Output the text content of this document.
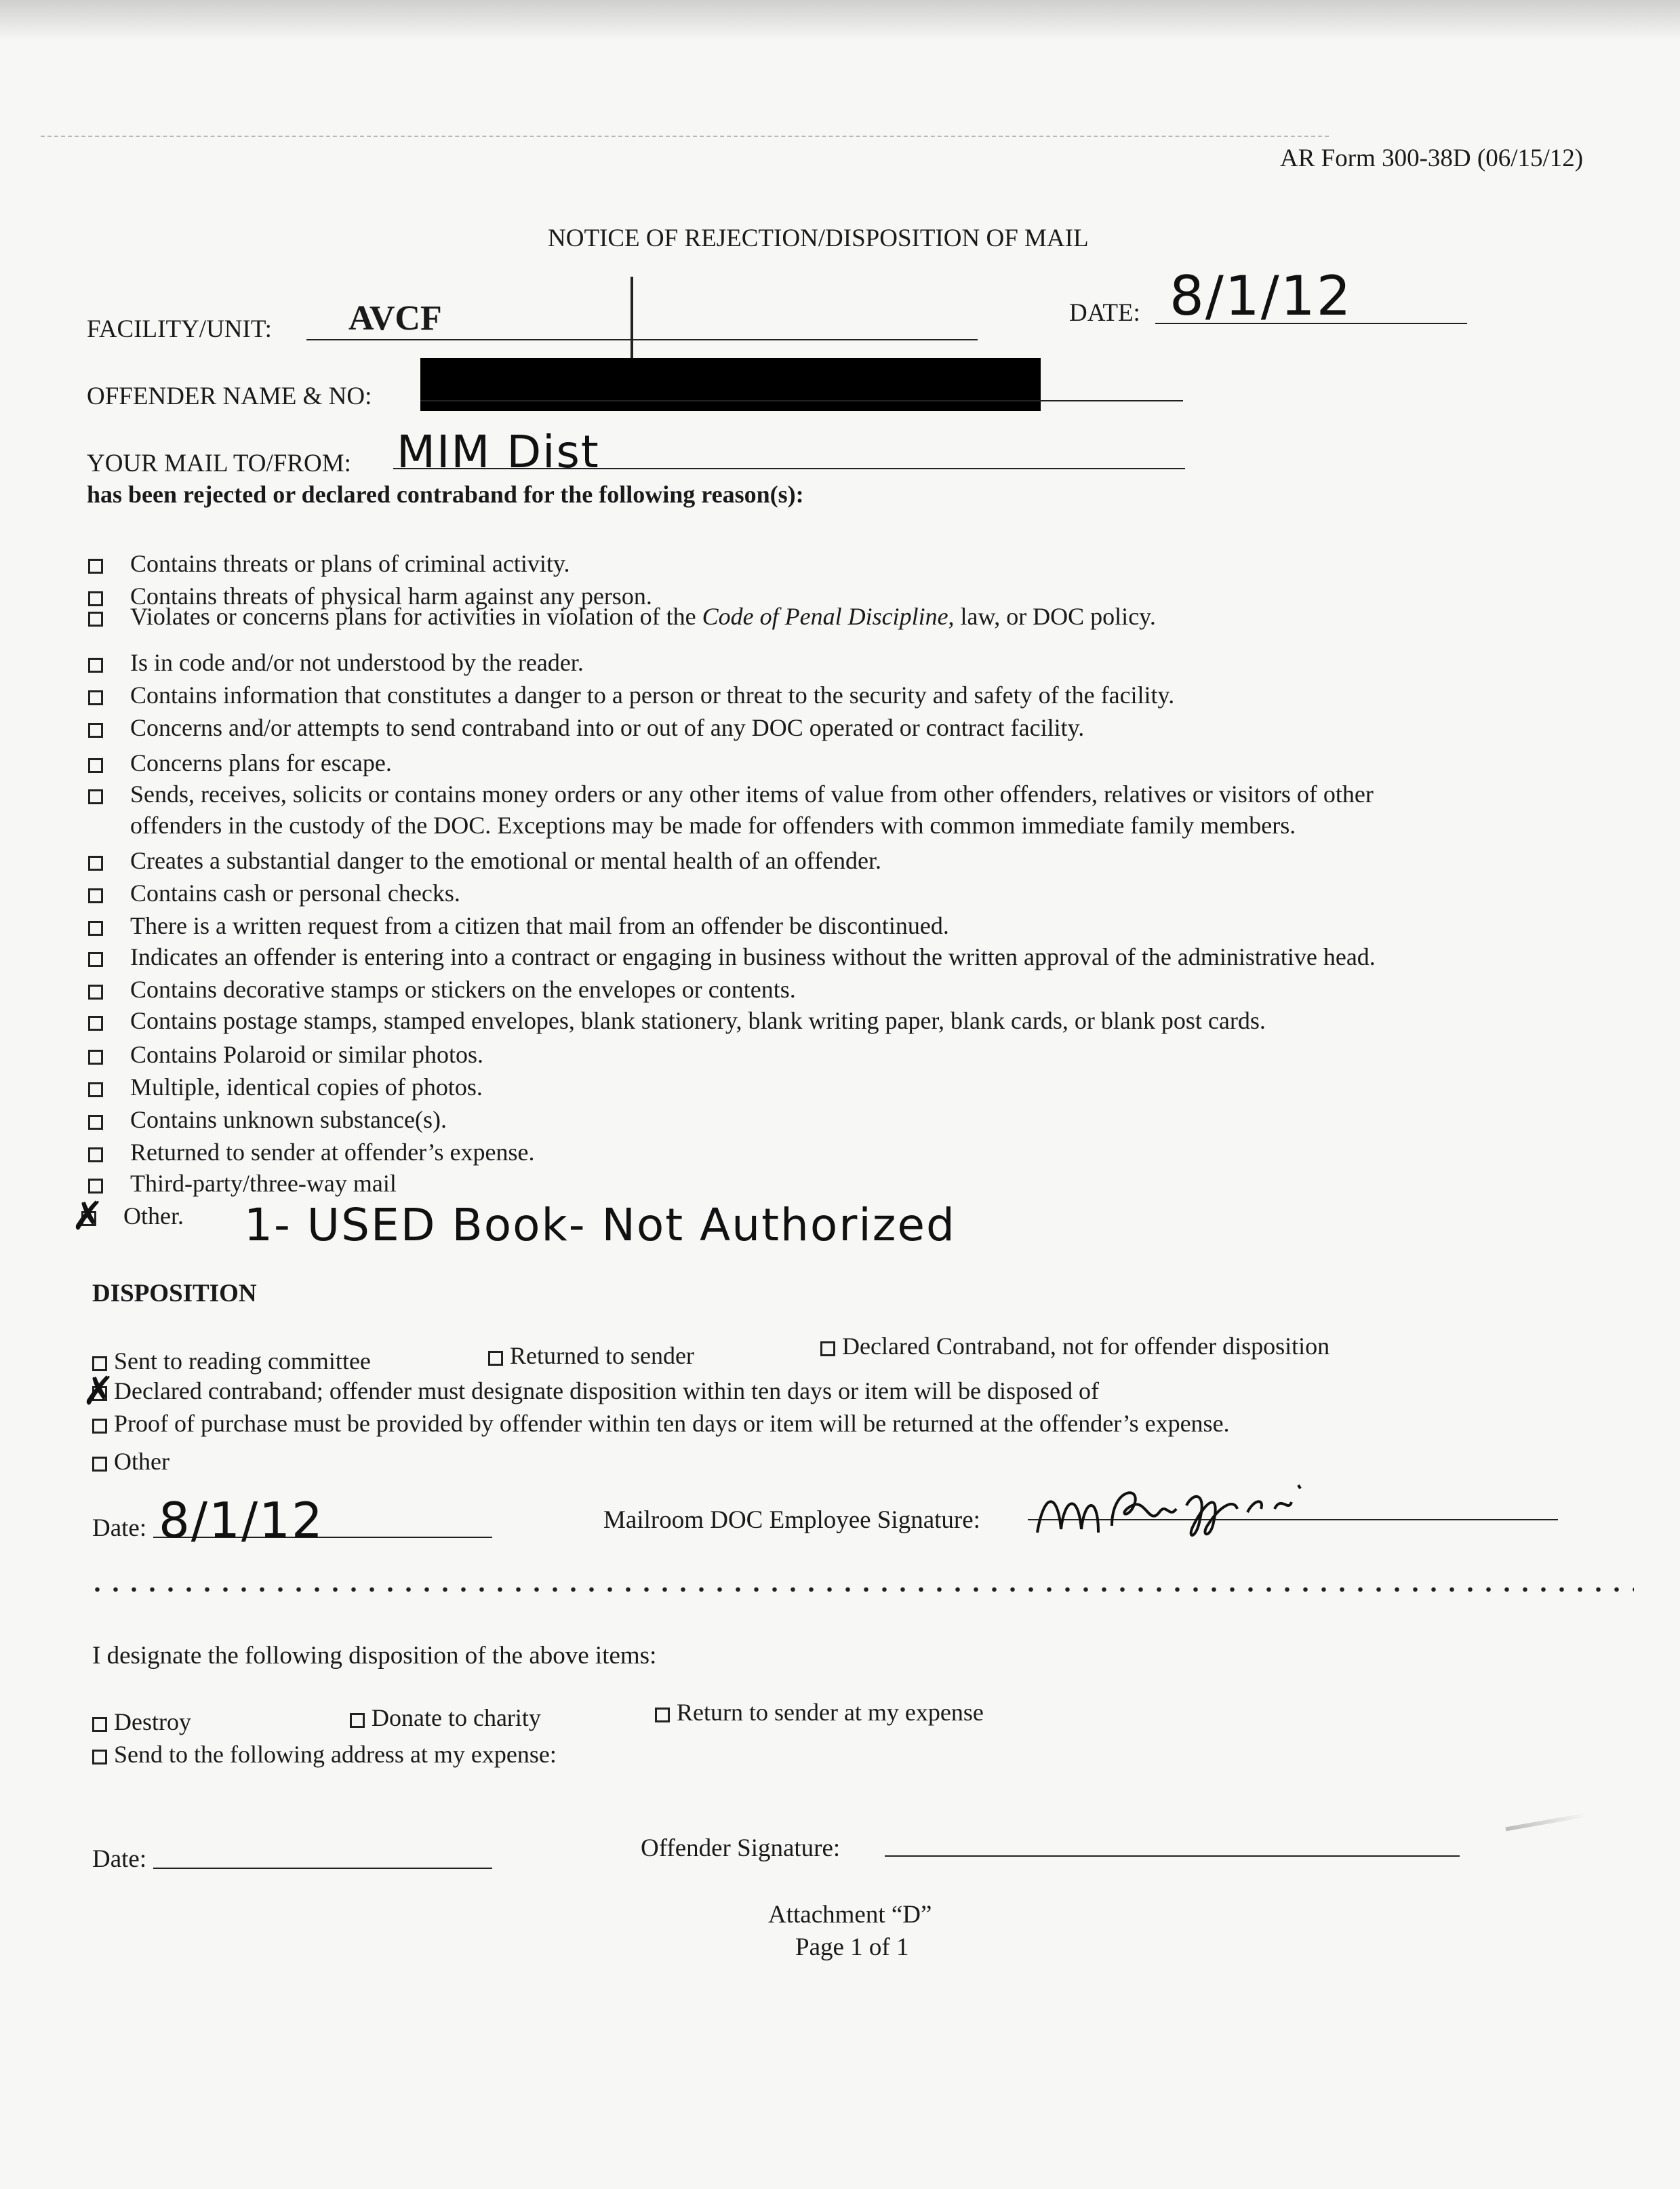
AR Form 300-38D (06/15/12)
NOTICE OF REJECTION/DISPOSITION OF MAIL
FACILITY/UNIT: AVCF	DATE: 8/1/12
OFFENDER NAME & NO:
YOUR MAIL TO/FROM: MIM Dist
has been rejected or declared contraband for the following reason(s):
Contains threats or plans of criminal activity.
Contains threats of physical harm against any person.
Violates or concerns plans for activities in violation of the Code of Penal Discipline, law, or DOC policy.
Is in code and/or not understood by the reader.
Contains information that constitutes a danger to a person or threat to the security and safety of the facility.
Concerns and/or attempts to send contraband into or out of any DOC operated or contract facility.
Concerns plans for escape.
Sends, receives, solicits or contains money orders or any other items of value from other offenders, relatives or visitors of other
offenders in the custody of the DOC. Exceptions may be made for offenders with common immediate family members.
Creates a substantial danger to the emotional or mental health of an offender.
Contains cash or personal checks.
There is a written request from a citizen that mail from an offender be discontinued.
Indicates an offender is entering into a contract or engaging in business without the written approval of the administrative head.
Contains decorative stamps or stickers on the envelopes or contents.
Contains postage stamps, stamped envelopes, blank stationery, blank writing paper, blank cards, or blank post cards.
Contains Polaroid or similar photos.
Multiple, identical copies of photos.
Contains unknown substance(s).
Returned to sender at offender’s expense.
Third-party/three-way mail
✗ Other. 1- USED Book- Not Authorized
DISPOSITION
Sent to reading committee	Returned to sender	Declared Contraband, not for offender disposition
✗
Declared contraband; offender must designate disposition within ten days or item will be disposed of
Proof of purchase must be provided by offender within ten days or item will be returned at the offender’s expense.
Other
Date: 8/1/12	Mailroom DOC Employee Signature:
I designate the following disposition of the above items:
Destroy	Donate to charity	Return to sender at my expense
Send to the following address at my expense:
Date:	Offender Signature:
Attachment “D”
Page 1 of 1
